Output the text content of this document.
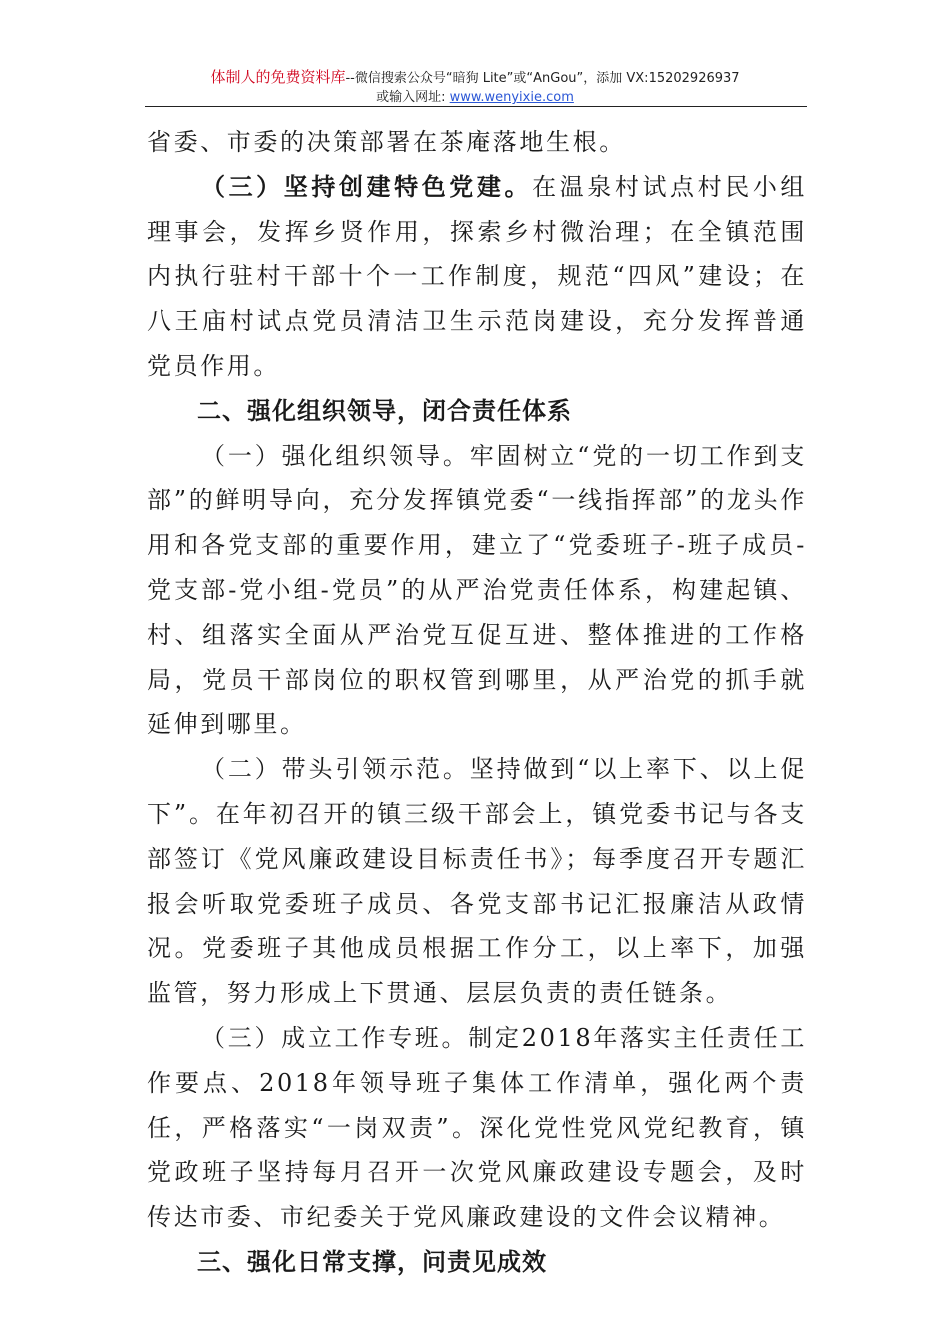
体制人的免费资料库--微信搜索公众号“暗狗 Lite”或“AnGou”，添加 VX:15202926937
或输入网址: www.wenyixie.com

省委、市委的决策部署在茶庵落地生根。

（三）坚持创建特色党建。在温泉村试点村民小组理事会，发挥乡贤作用，探索乡村微治理；在全镇范围内执行驻村干部十个一工作制度，规范“四风”建设；在八王庙村试点党员清洁卫生示范岗建设，充分发挥普通党员作用。

二、强化组织领导，闭合责任体系

（一）强化组织领导。牢固树立“党的一切工作到支部”的鲜明导向，充分发挥镇党委“一线指挥部”的龙头作用和各党支部的重要作用，建立了“党委班子-班子成员-党支部-党小组-党员”的从严治党责任体系，构建起镇、村、组落实全面从严治党互促互进、整体推进的工作格局，党员干部岗位的职权管到哪里，从严治党的抓手就延伸到哪里。

（二）带头引领示范。坚持做到“以上率下、以上促下”。在年初召开的镇三级干部会上，镇党委书记与各支部签订《党风廉政建设目标责任书》；每季度召开专题汇报会听取党委班子成员、各党支部书记汇报廉洁从政情况。党委班子其他成员根据工作分工，以上率下，加强监管，努力形成上下贯通、层层负责的责任链条。

（三）成立工作专班。制定2018年落实主任责任工作要点、2018年领导班子集体工作清单，强化两个责任，严格落实“一岗双责”。深化党性党风党纪教育，镇党政班子坚持每月召开一次党风廉政建设专题会，及时传达市委、市纪委关于党风廉政建设的文件会议精神。

三、强化日常支撑，问责见成效
